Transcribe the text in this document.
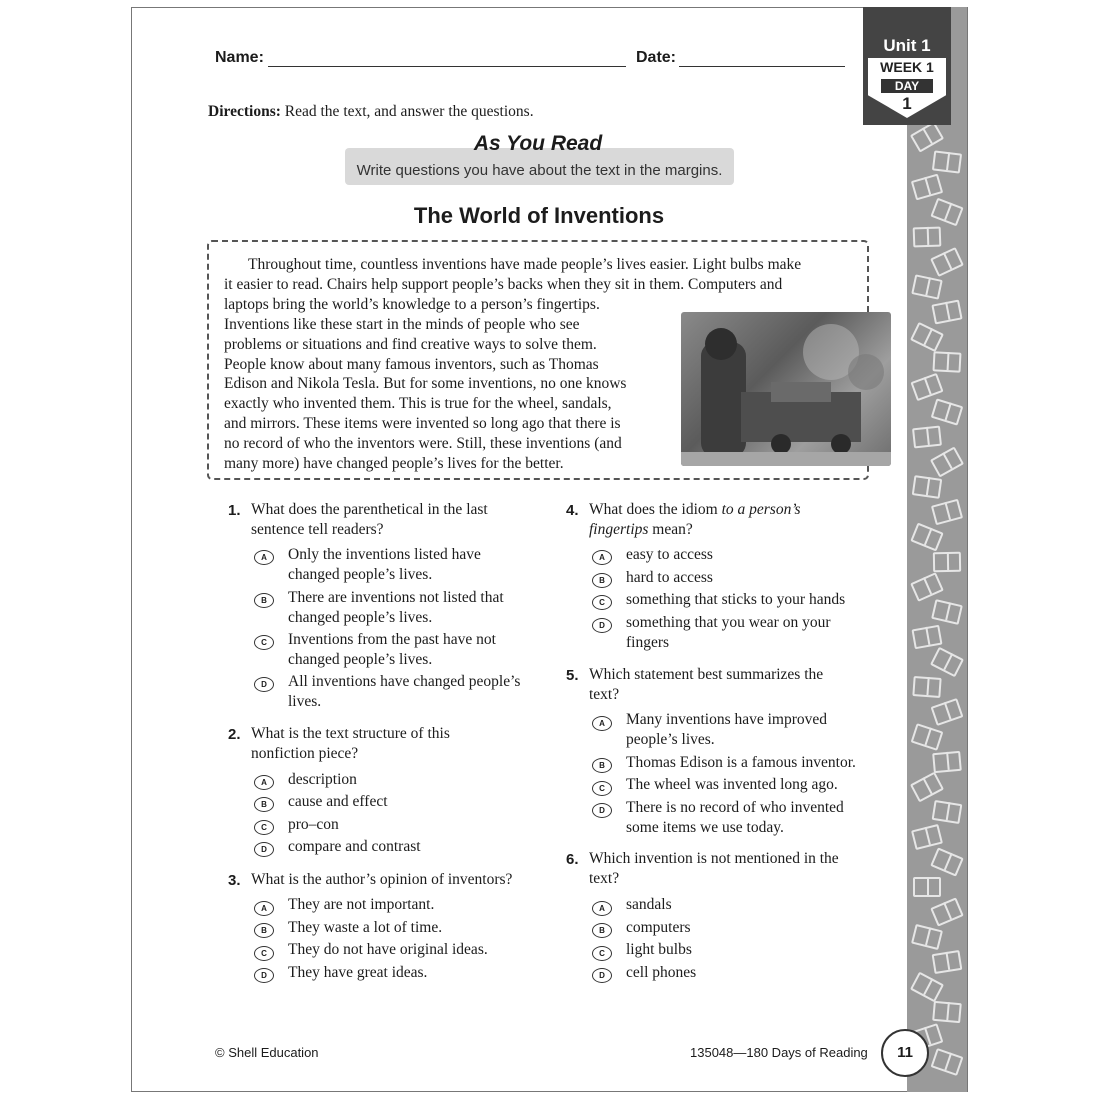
Unit 1
WEEK 1
DAY
1
Name:	Date:
Directions: Read the text, and answer the questions.
As You Read
Write questions you have about the text in the margins.
The World of Inventions
Throughout time, countless inventions have made people’s lives easier. Light bulbs make
it easier to read. Chairs help support people’s backs when they sit in them. Computers and
laptops bring the world’s knowledge to a person’s fingertips.
Inventions like these start in the minds of people who see
problems or situations and find creative ways to solve them.
People know about many famous inventors, such as Thomas
Edison and Nikola Tesla. But for some inventions, no one knows
exactly who invented them. This is true for the wheel, sandals,
and mirrors. These items were invented so long ago that there is
no record of who the inventors were. Still, these inventions (and
many more) have changed people’s lives for the better.
1. What does the parenthetical in the last
sentence tell readers?
A	Only the inventions listed have
changed people’s lives.
B	There are inventions not listed that
changed people’s lives.
C	Inventions from the past have not
changed people’s lives.
D	All inventions have changed people’s
lives.
2. What is the text structure of this
nonfiction piece?
A	description
B	cause and effect
C	pro–con
D	compare and contrast
3. What is the author’s opinion of inventors?
A	They are not important.
B	They waste a lot of time.
C	They do not have original ideas.
D	They have great ideas.
4. What does the idiom to a person’s
fingertips mean?
A	easy to access
B	hard to access
C	something that sticks to your hands
D	something that you wear on your
fingers
5. Which statement best summarizes the
text?
A	Many inventions have improved
people’s lives.
B	Thomas Edison is a famous inventor.
C	The wheel was invented long ago.
D	There is no record of who invented
some items we use today.
6. Which invention is not mentioned in the
text?
A	sandals
B	computers
C	light bulbs
D	cell phones
© Shell Education	135048—180 Days of Reading	11
